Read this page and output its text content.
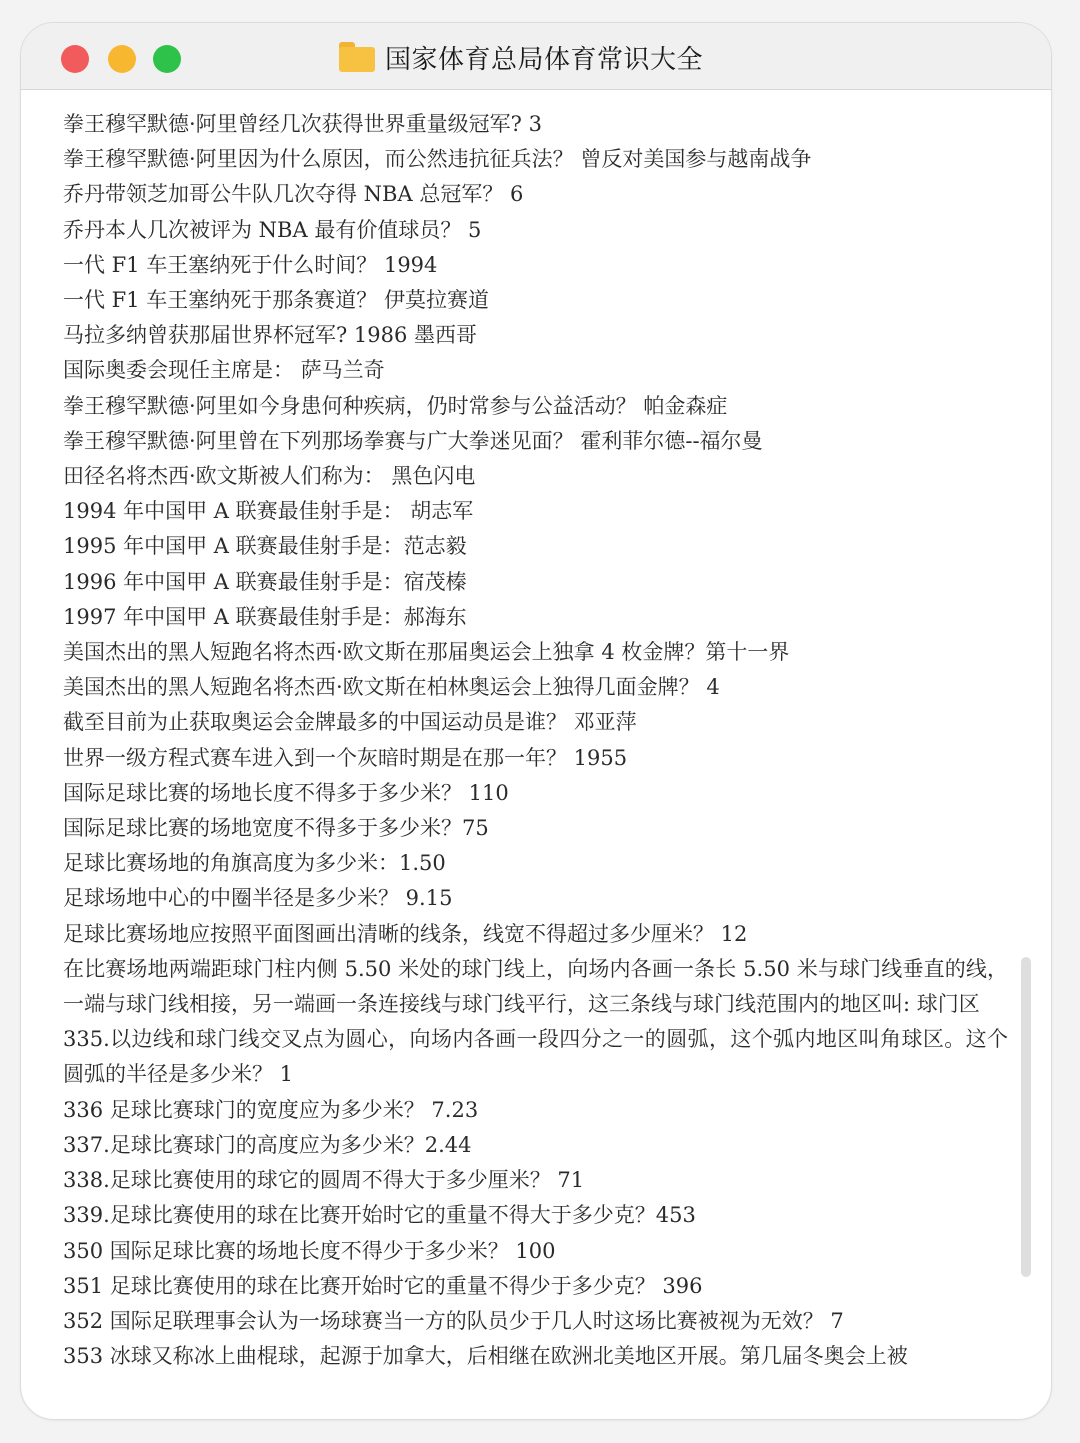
国家体育总局体育常识大全

拳王穆罕默德·阿里曾经几次获得世界重量级冠军? 3

拳王穆罕默德·阿里因为什么原因，而公然违抗征兵法？ 曾反对美国参与越南战争

乔丹带领芝加哥公牛队几次夺得 NBA 总冠军？ 6

乔丹本人几次被评为 NBA 最有价值球员？ 5

一代 F1 车王塞纳死于什么时间？ 1994

一代 F1 车王塞纳死于那条赛道？ 伊莫拉赛道

马拉多纳曾获那届世界杯冠军? 1986 墨西哥

国际奥委会现任主席是： 萨马兰奇

拳王穆罕默德·阿里如今身患何种疾病，仍时常参与公益活动？ 帕金森症

拳王穆罕默德·阿里曾在下列那场拳赛与广大拳迷见面？ 霍利菲尔德--福尔曼

田径名将杰西·欧文斯被人们称为： 黑色闪电

1994 年中国甲 A 联赛最佳射手是： 胡志军

1995 年中国甲 A 联赛最佳射手是：范志毅

1996 年中国甲 A 联赛最佳射手是：宿茂榛

1997 年中国甲 A 联赛最佳射手是：郝海东

美国杰出的黑人短跑名将杰西·欧文斯在那届奥运会上独拿 4 枚金牌？第十一界

美国杰出的黑人短跑名将杰西·欧文斯在柏林奥运会上独得几面金牌？ 4

截至目前为止获取奥运会金牌最多的中国运动员是谁？ 邓亚萍

世界一级方程式赛车进入到一个灰暗时期是在那一年？ 1955

国际足球比赛的场地长度不得多于多少米？ 110

国际足球比赛的场地宽度不得多于多少米？75

足球比赛场地的角旗高度为多少米：1.50

足球场地中心的中圈半径是多少米？ 9.15

足球比赛场地应按照平面图画出清晰的线条，线宽不得超过多少厘米？ 12

在比赛场地两端距球门柱内侧 5.50 米处的球门线上，向场内各画一条长 5.50 米与球门线垂直的线，一端与球门线相接，另一端画一条连接线与球门线平行，这三条线与球门线范围内的地区叫: 球门区

335.以边线和球门线交叉点为圆心，向场内各画一段四分之一的圆弧，这个弧内地区叫角球区。这个圆弧的半径是多少米？ 1

336 足球比赛球门的宽度应为多少米？ 7.23

337.足球比赛球门的高度应为多少米？2.44

338.足球比赛使用的球它的圆周不得大于多少厘米？ 71

339.足球比赛使用的球在比赛开始时它的重量不得大于多少克？453

350 国际足球比赛的场地长度不得少于多少米？ 100

351 足球比赛使用的球在比赛开始时它的重量不得少于多少克？ 396

352 国际足联理事会认为一场球赛当一方的队员少于几人时这场比赛被视为无效？ 7

353 冰球又称冰上曲棍球，起源于加拿大，后相继在欧洲北美地区开展。第几届冬奥会上被
